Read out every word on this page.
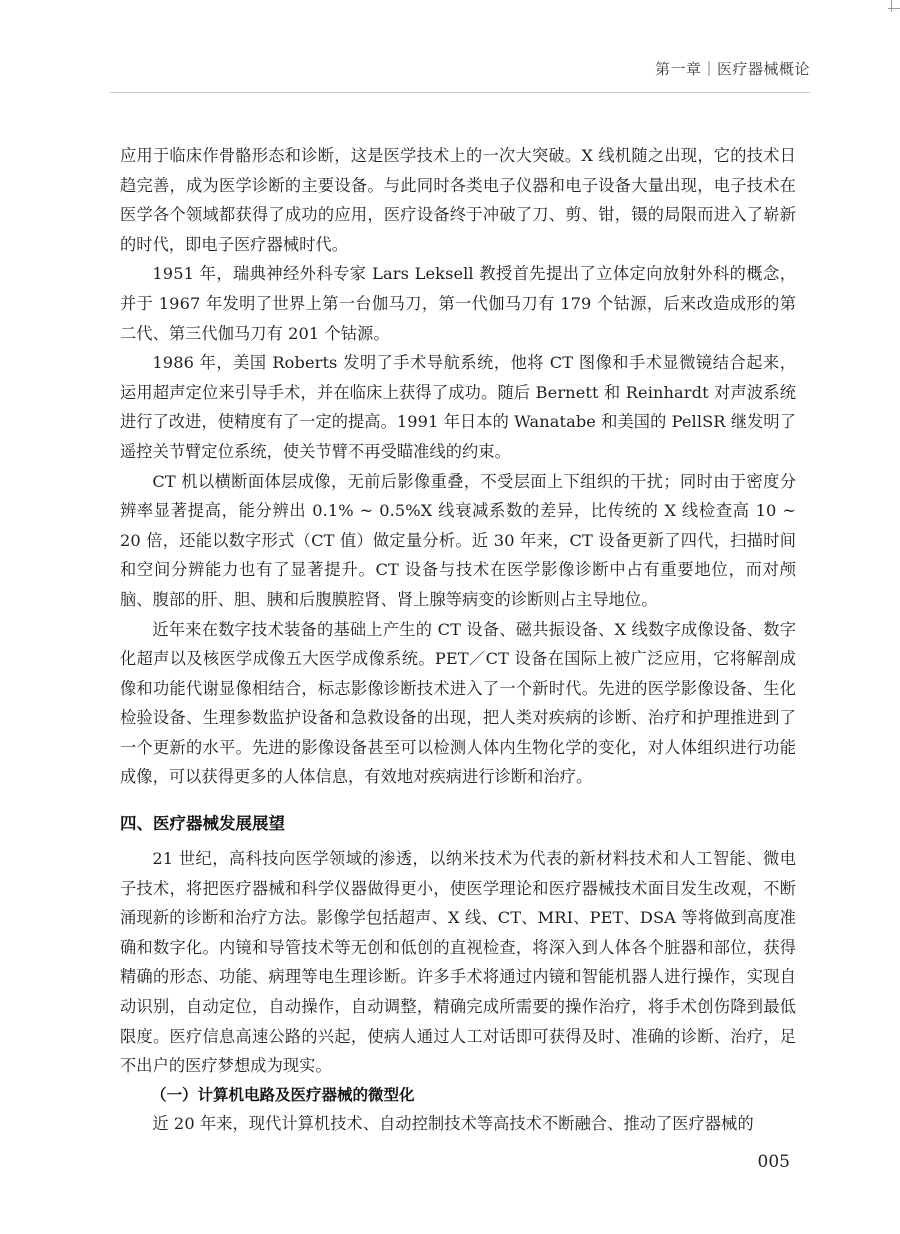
第一章｜医疗器械概论

应用于临床作骨骼形态和诊断，这是医学技术上的一次大突破。X 线机随之出现，它的技术日趋完善，成为医学诊断的主要设备。与此同时各类电子仪器和电子设备大量出现，电子技术在医学各个领域都获得了成功的应用，医疗设备终于冲破了刀、剪、钳，镊的局限而进入了崭新的时代，即电子医疗器械时代。

1951 年，瑞典神经外科专家 Lars Leksell 教授首先提出了立体定向放射外科的概念，并于 1967 年发明了世界上第一台伽马刀，第一代伽马刀有 179 个钴源，后来改造成形的第二代、第三代伽马刀有 201 个钴源。

1986 年，美国 Roberts 发明了手术导航系统，他将 CT 图像和手术显微镜结合起来，运用超声定位来引导手术，并在临床上获得了成功。随后 Bernett 和 Reinhardt 对声波系统进行了改进，使精度有了一定的提高。1991 年日本的 Wanatabe 和美国的 PellSR 继发明了遥控关节臂定位系统，使关节臂不再受瞄准线的约束。

CT 机以横断面体层成像，无前后影像重叠，不受层面上下组织的干扰；同时由于密度分辨率显著提高，能分辨出 0.1% ~ 0.5%X 线衰减系数的差异，比传统的 X 线检查高 10 ~ 20 倍，还能以数字形式（CT 值）做定量分析。近 30 年来，CT 设备更新了四代，扫描时间和空间分辨能力也有了显著提升。CT 设备与技术在医学影像诊断中占有重要地位，而对颅脑、腹部的肝、胆、胰和后腹膜腔肾、肾上腺等病变的诊断则占主导地位。

近年来在数字技术装备的基础上产生的 CT 设备、磁共振设备、X 线数字成像设备、数字化超声以及核医学成像五大医学成像系统。PET／CT 设备在国际上被广泛应用，它将解剖成像和功能代谢显像相结合，标志影像诊断技术进入了一个新时代。先进的医学影像设备、生化检验设备、生理参数监护设备和急救设备的出现，把人类对疾病的诊断、治疗和护理推进到了一个更新的水平。先进的影像设备甚至可以检测人体内生物化学的变化，对人体组织进行功能成像，可以获得更多的人体信息，有效地对疾病进行诊断和治疗。

四、医疗器械发展展望

21 世纪，高科技向医学领域的渗透，以纳米技术为代表的新材料技术和人工智能、微电子技术，将把医疗器械和科学仪器做得更小，使医学理论和医疗器械技术面目发生改观，不断涌现新的诊断和治疗方法。影像学包括超声、X 线、CT、MRI、PET、DSA 等将做到高度准确和数字化。内镜和导管技术等无创和低创的直视检查，将深入到人体各个脏器和部位，获得精确的形态、功能、病理等电生理诊断。许多手术将通过内镜和智能机器人进行操作，实现自动识别，自动定位，自动操作，自动调整，精确完成所需要的操作治疗，将手术创伤降到最低限度。医疗信息高速公路的兴起，使病人通过人工对话即可获得及时、准确的诊断、治疗，足不出户的医疗梦想成为现实。

（一）计算机电路及医疗器械的微型化

近 20 年来，现代计算机技术、自动控制技术等高技术不断融合、推动了医疗器械的

005
